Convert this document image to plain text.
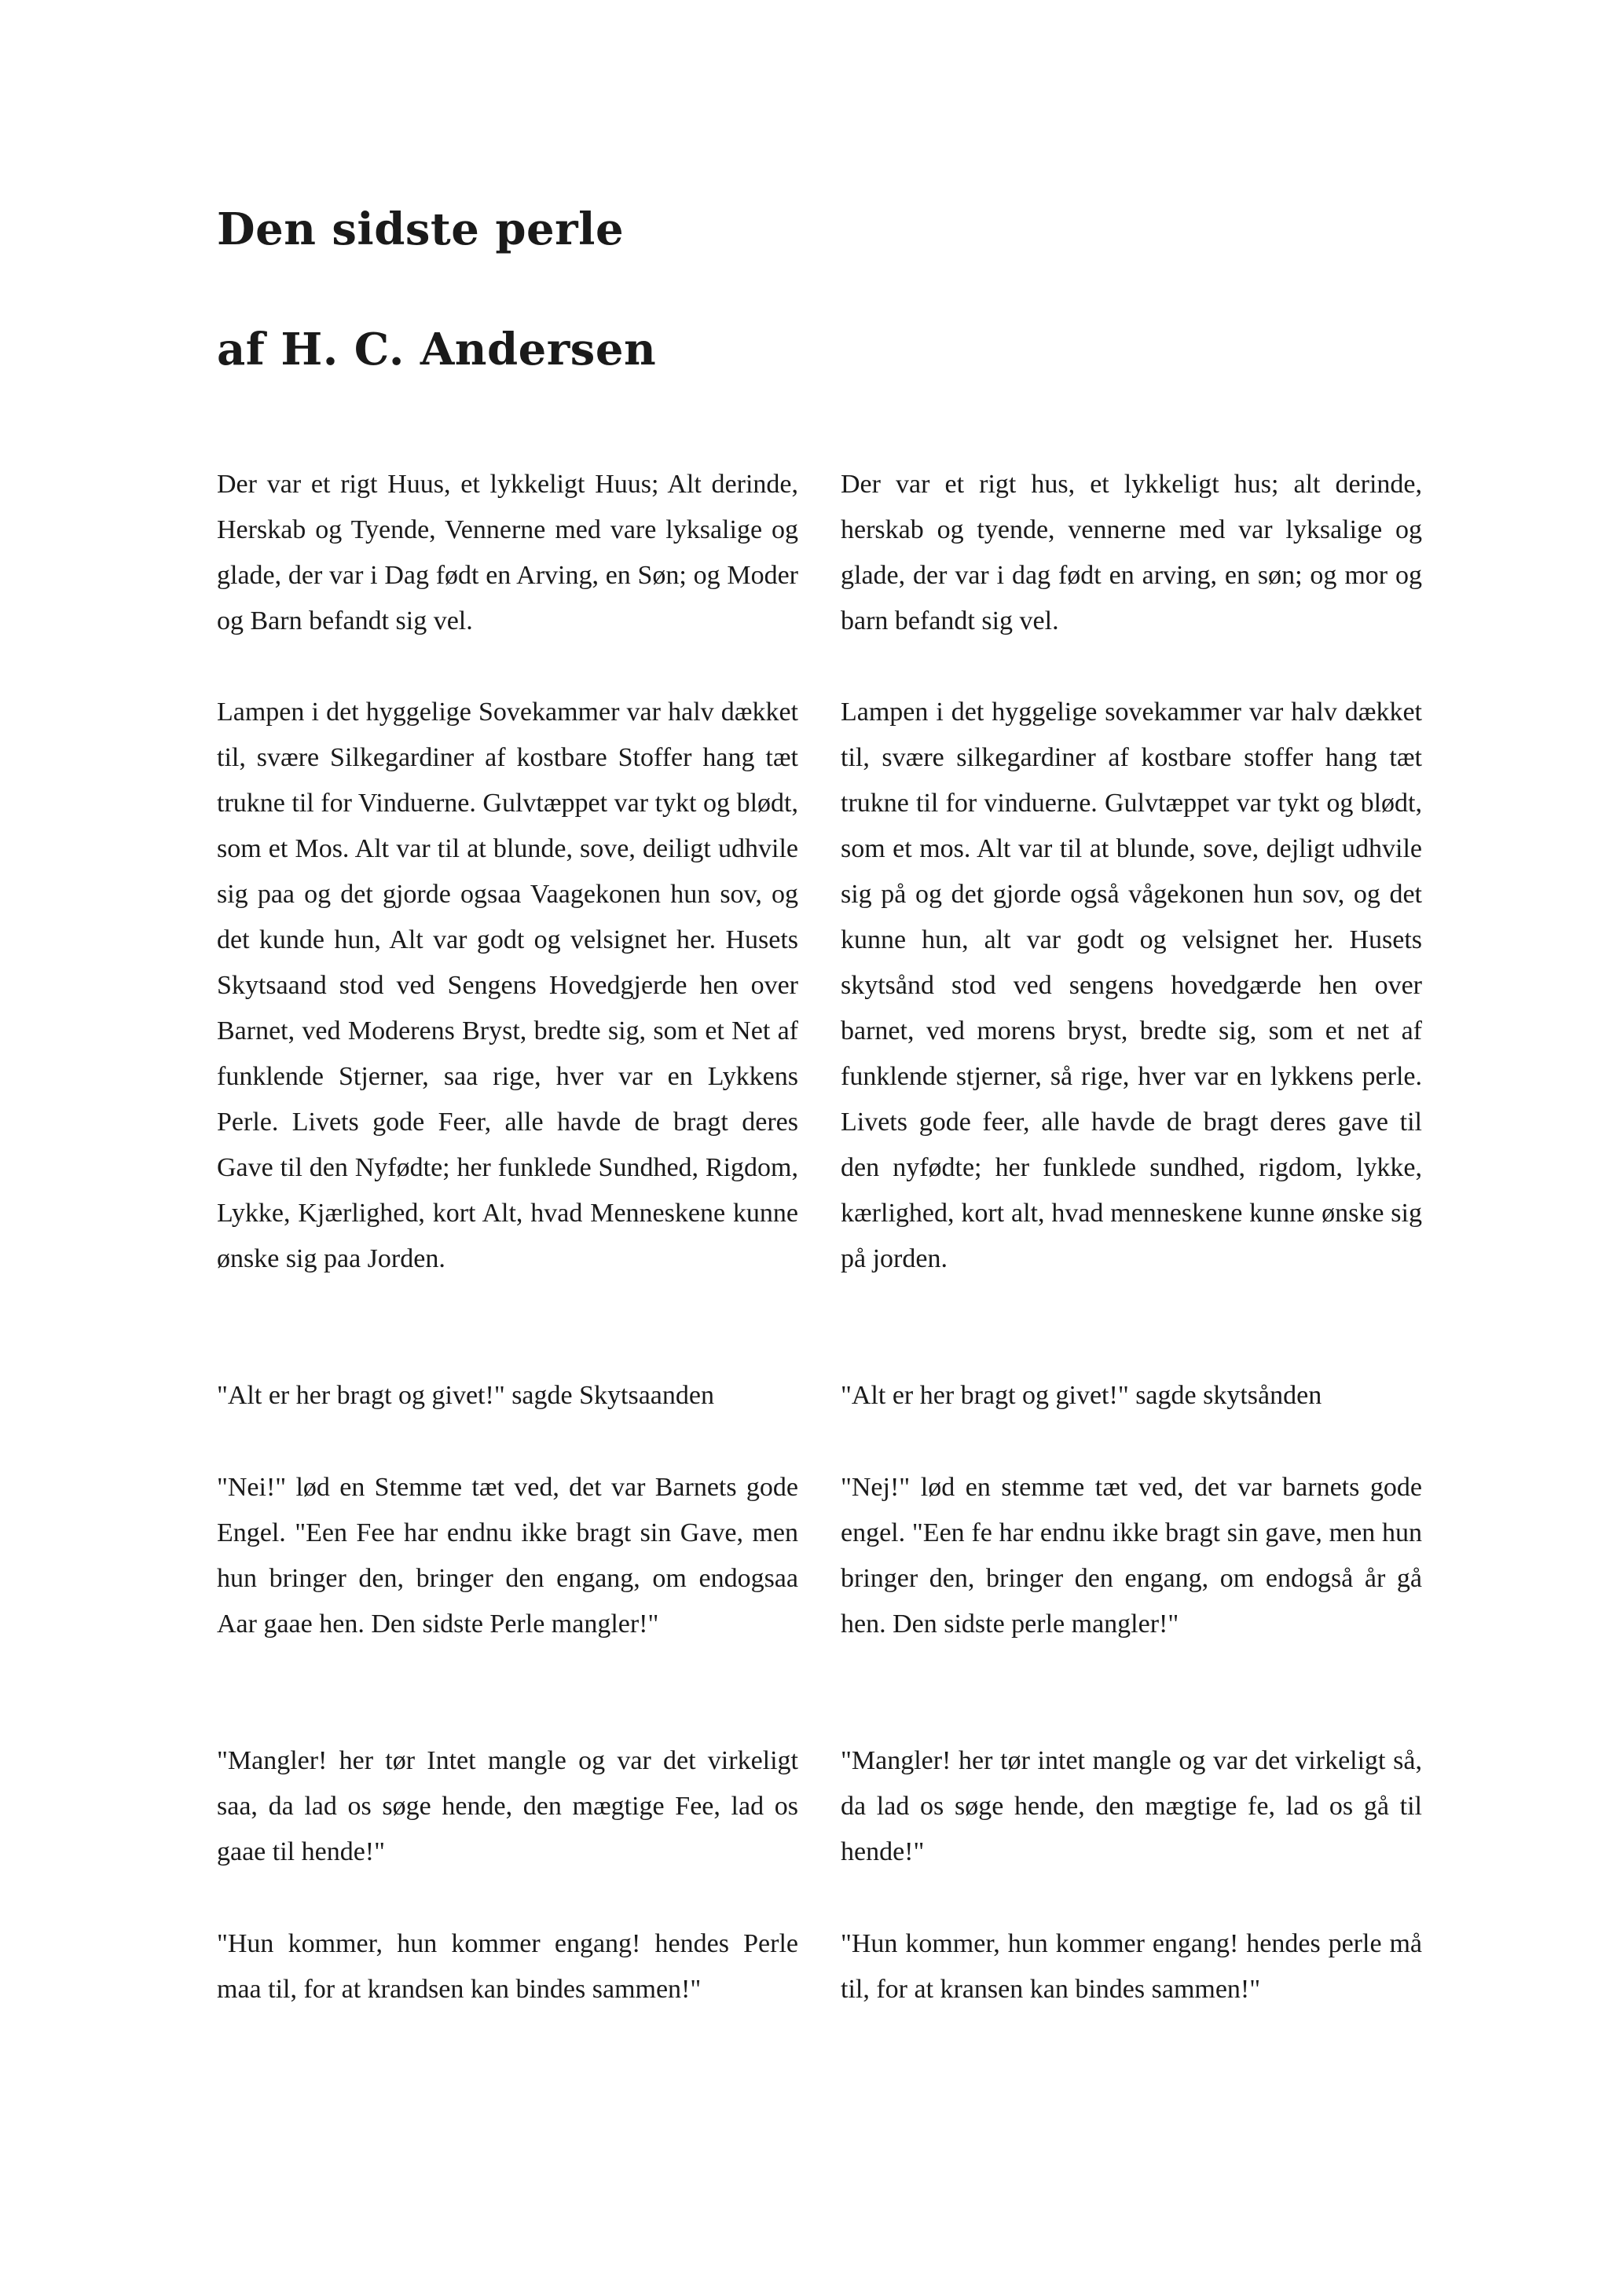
Den sidste perle
af H. C. Andersen

Der var et rigt Huus, et lykkeligt Huus; Alt derinde, Herskab og Tyende, Vennerne med vare lyksalige og glade, der var i Dag født en Arving, en Søn; og Moder og Barn befandt sig vel.

Lampen i det hyggelige Sovekammer var halv dækket til, svære Silkegardiner af kostbare Stoffer hang tæt trukne til for Vinduerne. Gulvtæppet var tykt og blødt, som et Mos. Alt var til at blunde, sove, deiligt udhvile sig paa og det gjorde ogsaa Vaagekonen hun sov, og det kunde hun, Alt var godt og velsignet her. Husets Skytsaand stod ved Sengens Hovedgjerde hen over Barnet, ved Moderens Bryst, bredte sig, som et Net af funklende Stjerner, saa rige, hver var en Lykkens Perle. Livets gode Feer, alle havde de bragt deres Gave til den Nyfødte; her funklede Sundhed, Rigdom, Lykke, Kjærlighed, kort Alt, hvad Menneskene kunne ønske sig paa Jorden.

"Alt er her bragt og givet!" sagde Skytsaanden

"Nei!" lød en Stemme tæt ved, det var Barnets gode Engel. "Een Fee har endnu ikke bragt sin Gave, men hun bringer den, bringer den engang, om endogsaa Aar gaae hen. Den sidste Perle mangler!"

"Mangler! her tør Intet mangle og var det virkeligt saa, da lad os søge hende, den mægtige Fee, lad os gaae til hende!"

"Hun kommer, hun kommer engang! hendes Perle maa til, for at krandsen kan bindes sammen!"

Der var et rigt hus, et lykkeligt hus; alt derinde, herskab og tyende, vennerne med var lyksalige og glade, der var i dag født en arving, en søn; og mor og barn befandt sig vel.

Lampen i det hyggelige sovekammer var halv dækket til, svære silkegardiner af kostbare stoffer hang tæt trukne til for vinduerne. Gulvtæppet var tykt og blødt, som et mos. Alt var til at blunde, sove, dejligt udhvile sig på og det gjorde også vågekonen hun sov, og det kunne hun, alt var godt og velsignet her. Husets skytsånd stod ved sengens hovedgærde hen over barnet, ved morens bryst, bredte sig, som et net af funklende stjerner, så rige, hver var en lykkens perle. Livets gode feer, alle havde de bragt deres gave til den nyfødte; her funklede sundhed, rigdom, lykke, kærlighed, kort alt, hvad menneskene kunne ønske sig på jorden.

"Alt er her bragt og givet!" sagde skytsånden

"Nej!" lød en stemme tæt ved, det var barnets gode engel. "Een fe har endnu ikke bragt sin gave, men hun bringer den, bringer den engang, om endogså år gå hen. Den sidste perle mangler!"

"Mangler! her tør intet mangle og var det virkeligt så, da lad os søge hende, den mægtige fe, lad os gå til hende!"

"Hun kommer, hun kommer engang! hendes perle må til, for at kransen kan bindes sammen!"
